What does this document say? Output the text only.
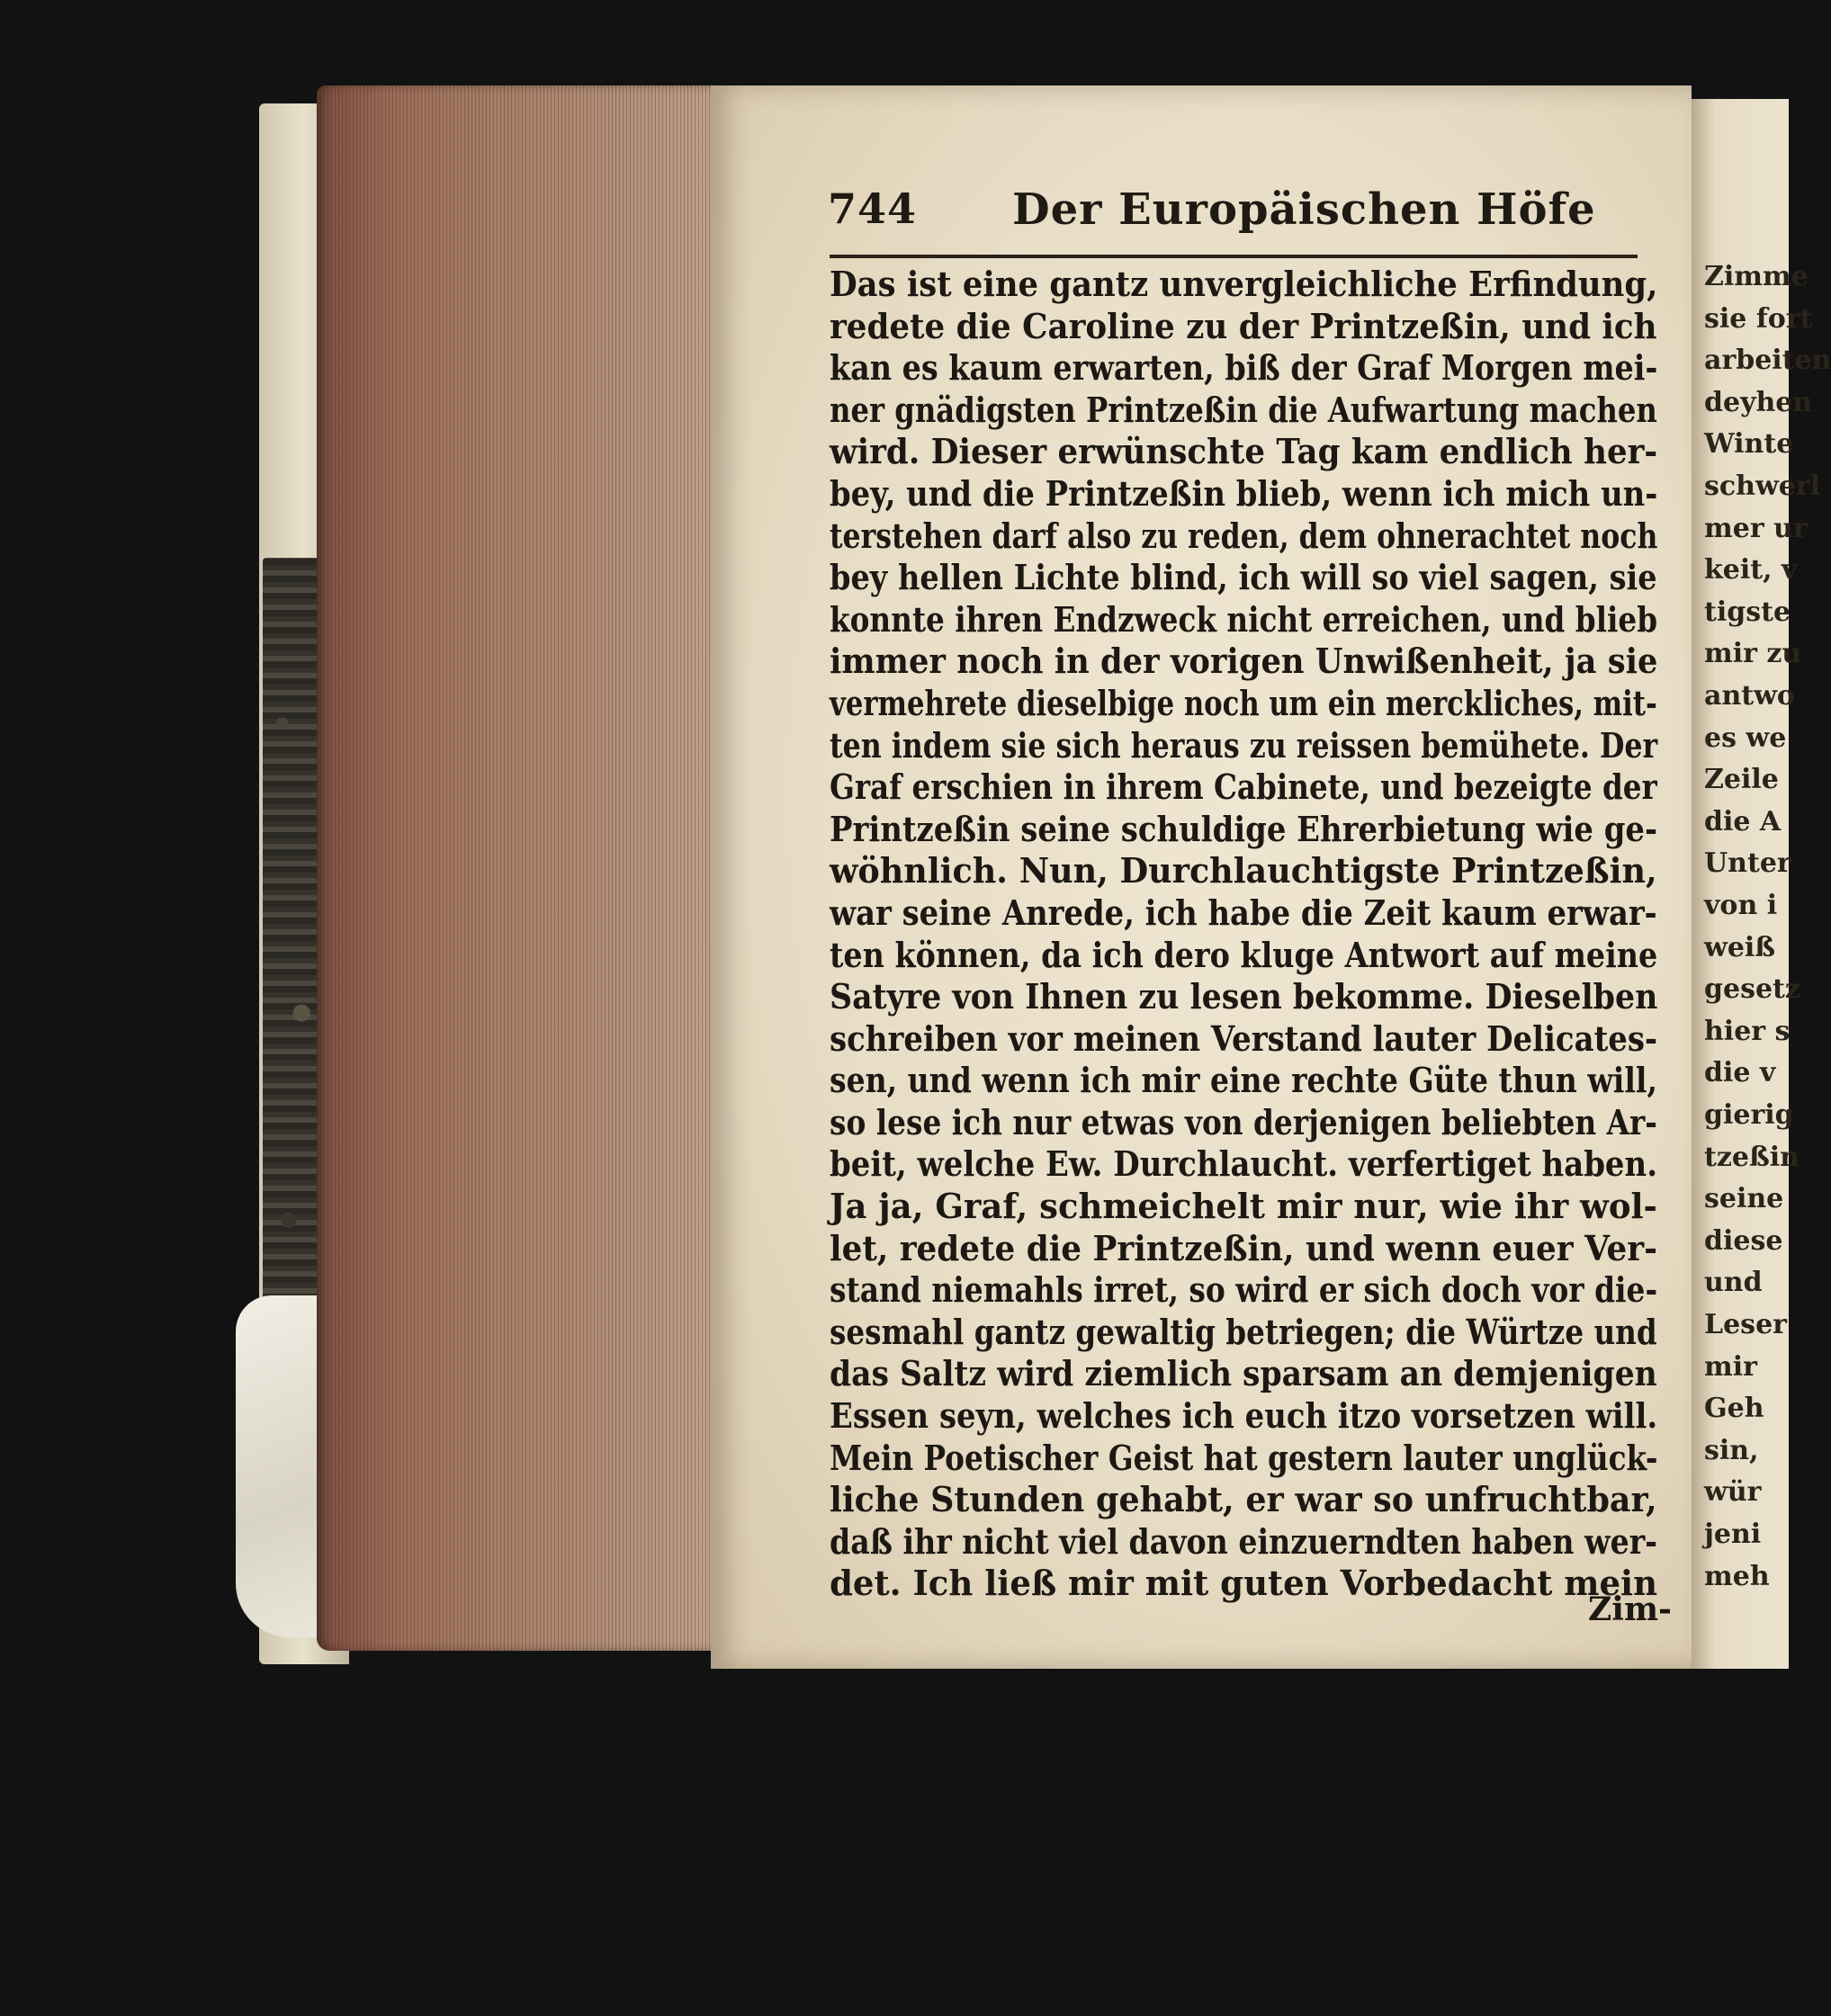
744 Der Europäischen Höfe
Das ist eine gantz unvergleichliche Erfindung,
redete die Caroline zu der Printzeßin, und ich
kan es kaum erwarten, biß der Graf Morgen mei-
ner gnädigsten Printzeßin die Aufwartung machen
wird. Dieser erwünschte Tag kam endlich her-
bey, und die Printzeßin blieb, wenn ich mich un-
terstehen darf also zu reden, dem ohnerachtet noch
bey hellen Lichte blind, ich will so viel sagen, sie
konnte ihren Endzweck nicht erreichen, und blieb
immer noch in der vorigen Unwißenheit, ja sie
vermehrete dieselbige noch um ein merckliches, mit-
ten indem sie sich heraus zu reissen bemühete. Der
Graf erschien in ihrem Cabinete, und bezeigte der
Printzeßin seine schuldige Ehrerbietung wie ge-
wöhnlich. Nun, Durchlauchtigste Printzeßin,
war seine Anrede, ich habe die Zeit kaum erwar-
ten können, da ich dero kluge Antwort auf meine
Satyre von Ihnen zu lesen bekomme. Dieselben
schreiben vor meinen Verstand lauter Delicates-
sen, und wenn ich mir eine rechte Güte thun will,
so lese ich nur etwas von derjenigen beliebten Ar-
beit, welche Ew. Durchlaucht. verfertiget haben.
Ja ja, Graf, schmeichelt mir nur, wie ihr wol-
let, redete die Printzeßin, und wenn euer Ver-
stand niemahls irret, so wird er sich doch vor die-
sesmahl gantz gewaltig betriegen; die Würtze und
das Saltz wird ziemlich sparsam an demjenigen
Essen seyn, welches ich euch itzo vorsetzen will.
Mein Poetischer Geist hat gestern lauter unglück-
liche Stunden gehabt, er war so unfruchtbar,
daß ihr nicht viel davon einzuerndten haben wer-
det. Ich ließ mir mit guten Vorbedacht mein
Zim-
Zimme
sie fort
arbeiten
deyhen
Winte
schwerl
mer ur
keit, v
tigste
mir zu
antwo
es we
Zeile
die A
Unter
von i
weiß
gesetz
hier s
die v
gierig
tzeßin
seine
diese
und
Leser
mir
Geh
sin,
wür
jeni
meh
